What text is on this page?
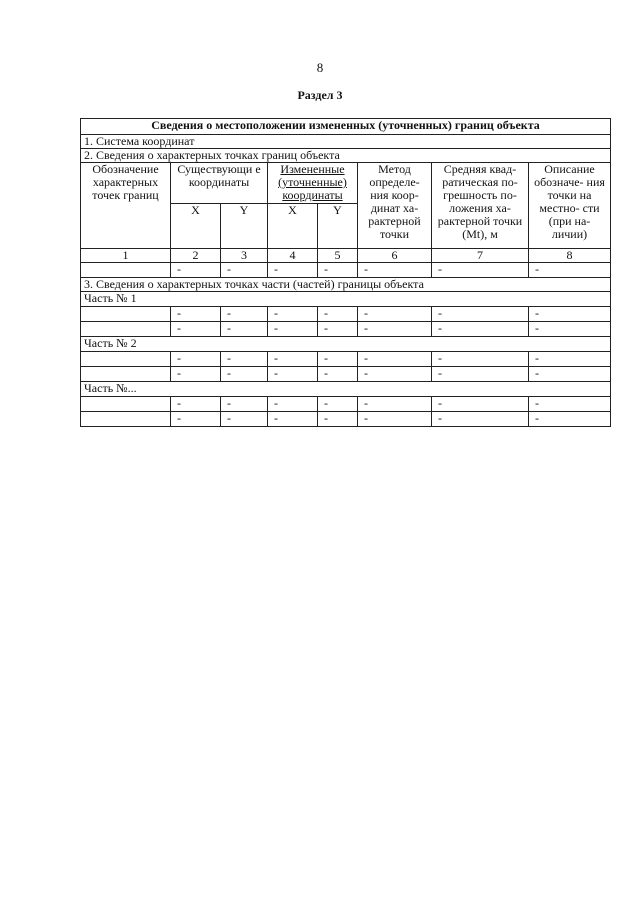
8
Раздел 3
Сведения о местоположении измененных (уточненных) границ объекта							
1. Система координат							
2. Сведения о характерных точках границ объекта							
Обозначение характерных точек границ	Существующи е координаты		Измененные (уточненные) координаты		Метод определе- ния коор- динат ха- рактерной точки	Средняя квад- ратическая по- грешность по- ложения ха- рактерной точки (Mt), м	Описание обозначе- ния точки на местно- сти (при на- личии)
	X	Y	X	Y			
1	2	3	4	5	6	7	8
	-	-	-	-	-	-	-
3. Сведения о характерных точках части (частей) границы объекта							
Часть № 1							
	-	-	-	-	-	-	-
	-	-	-	-	-	-	-
Часть № 2							
	-	-	-	-	-	-	-
	-	-	-	-	-	-	-
Часть №...							
	-	-	-	-	-	-	-
	-	-	-	-	-	-	-
